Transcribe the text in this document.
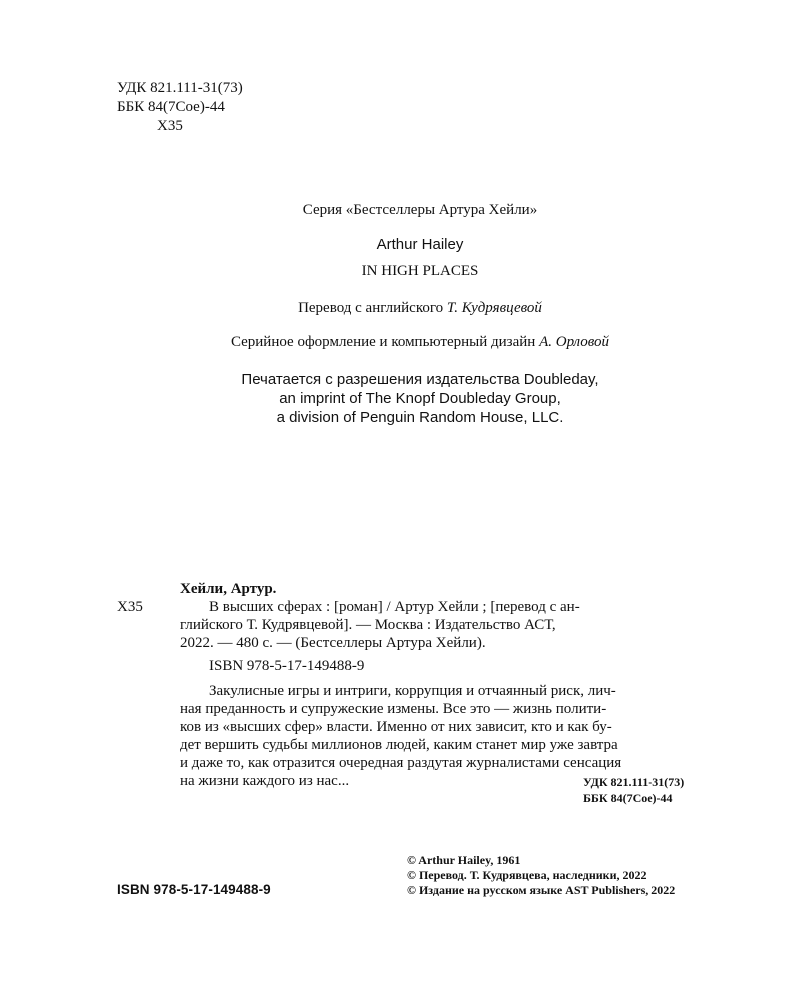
УДК 821.111-31(73)
ББК 84(7Сое)-44
Х35
Серия «Бестселлеры Артура Хейли»
Arthur Hailey
IN HIGH PLACES
Перевод с английского Т. Кудрявцевой
Серийное оформление и компьютерный дизайн А. Орловой
Печатается с разрешения издательства Doubleday,
an imprint of The Knopf Doubleday Group,
a division of Penguin Random House, LLC.
Хейли, Артур.
Х35	В высших сферах : [роман] / Артур Хейли ; [перевод с ан-
глийского Т. Кудрявцевой]. — Москва : Издательство АСТ,
2022. — 480 с. — (Бестселлеры Артура Хейли).
ISBN 978-5-17-149488-9
Закулисные игры и интриги, коррупция и отчаянный риск, лич-
ная преданность и супружеские измены. Все это — жизнь полити-
ков из «высших сфер» власти. Именно от них зависит, кто и как бу-
дет вершить судьбы миллионов людей, каким станет мир уже завтра
и даже то, как отразится очередная раздутая журналистами сенсация
на жизни каждого из нас...	УДК 821.111-31(73)
ББК 84(7Сое)-44
© Arthur Hailey, 1961
© Перевод. Т. Кудрявцева, наследники, 2022
© Издание на русском языке AST Publishers, 2022
ISBN 978-5-17-149488-9
